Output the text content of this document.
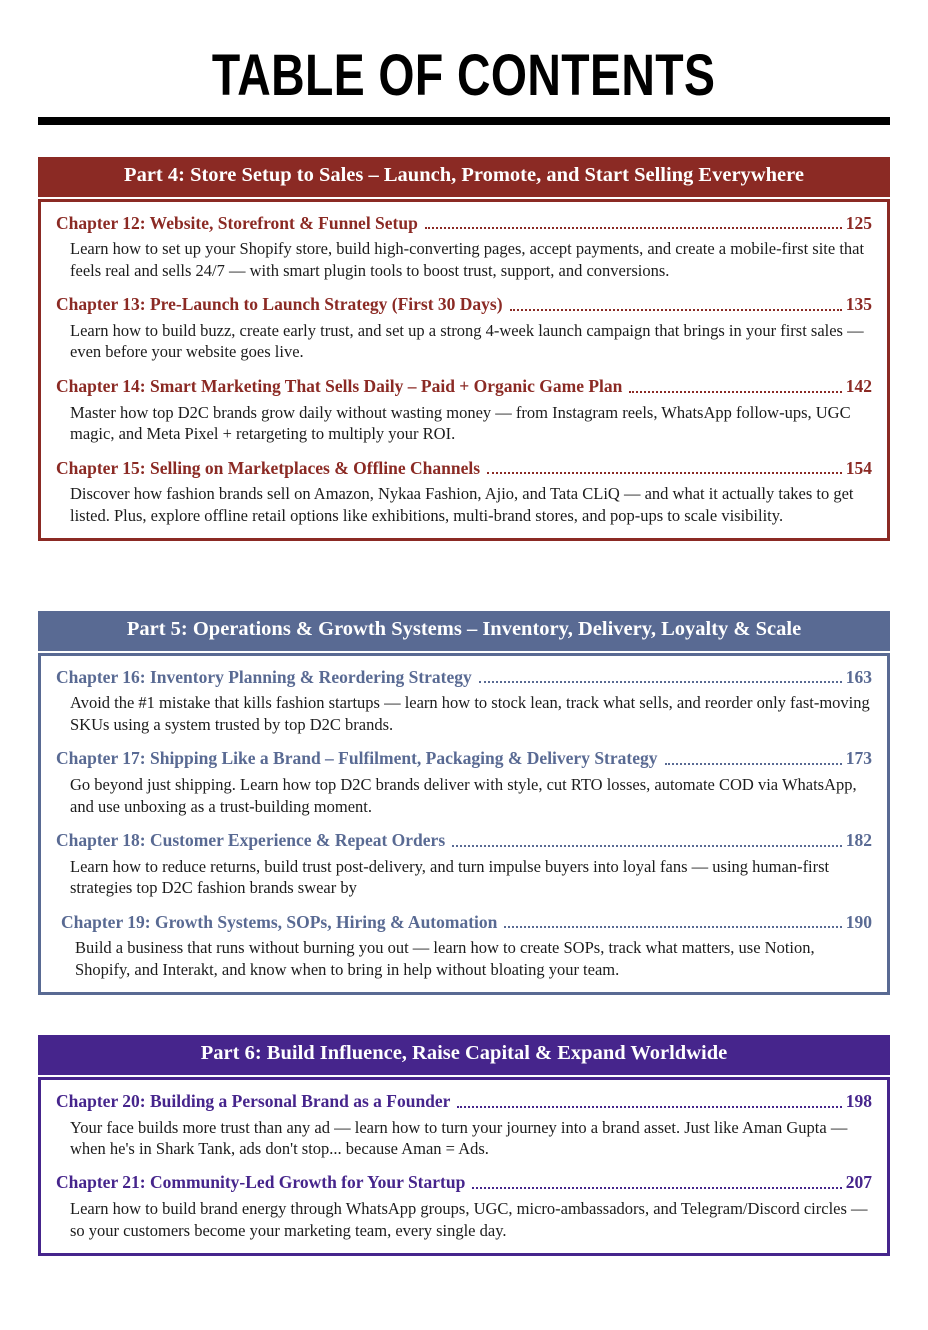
TABLE OF CONTENTS
Part 4: Store Setup to Sales – Launch, Promote, and Start Selling Everywhere
Chapter 12: Website, Storefront & Funnel Setup	125

Learn how to set up your Shopify store, build high-converting pages, accept payments, and create a mobile-first site that feels real and sells 24/7 — with smart plugin tools to boost trust, support, and conversions.

Chapter 13: Pre-Launch to Launch Strategy (First 30 Days)	135

Learn how to build buzz, create early trust, and set up a strong 4-week launch campaign that brings in your first sales — even before your website goes live.

Chapter 14: Smart Marketing That Sells Daily – Paid + Organic Game Plan	142

Master how top D2C brands grow daily without wasting money — from Instagram reels, WhatsApp follow-ups, UGC magic, and Meta Pixel + retargeting to multiply your ROI.

Chapter 15: Selling on Marketplaces & Offline Channels	154

Discover how fashion brands sell on Amazon, Nykaa Fashion, Ajio, and Tata CLiQ — and what it actually takes to get listed. Plus, explore offline retail options like exhibitions, multi-brand stores, and pop-ups to scale visibility.

Part 5: Operations & Growth Systems – Inventory, Delivery, Loyalty & Scale
Chapter 16: Inventory Planning & Reordering Strategy	163

Avoid the #1 mistake that kills fashion startups — learn how to stock lean, track what sells, and reorder only fast-moving SKUs using a system trusted by top D2C brands.

Chapter 17: Shipping Like a Brand – Fulfilment, Packaging & Delivery Strategy	173

Go beyond just shipping. Learn how top D2C brands deliver with style, cut RTO losses, automate COD via WhatsApp, and use unboxing as a trust-building moment.

Chapter 18: Customer Experience & Repeat Orders	182

Learn how to reduce returns, build trust post-delivery, and turn impulse buyers into loyal fans — using human-first strategies top D2C fashion brands swear by

Chapter 19: Growth Systems, SOPs, Hiring & Automation	190

Build a business that runs without burning you out — learn how to create SOPs, track what matters, use Notion, Shopify, and Interakt, and know when to bring in help without bloating your team.

Part 6: Build Influence, Raise Capital & Expand Worldwide
Chapter 20: Building a Personal Brand as a Founder	198

Your face builds more trust than any ad — learn how to turn your journey into a brand asset. Just like Aman Gupta — when he's in Shark Tank, ads don't stop... because Aman = Ads.

Chapter 21: Community-Led Growth for Your Startup	207

Learn how to build brand energy through WhatsApp groups, UGC, micro-ambassadors, and Telegram/Discord circles — so your customers become your marketing team, every single day.
